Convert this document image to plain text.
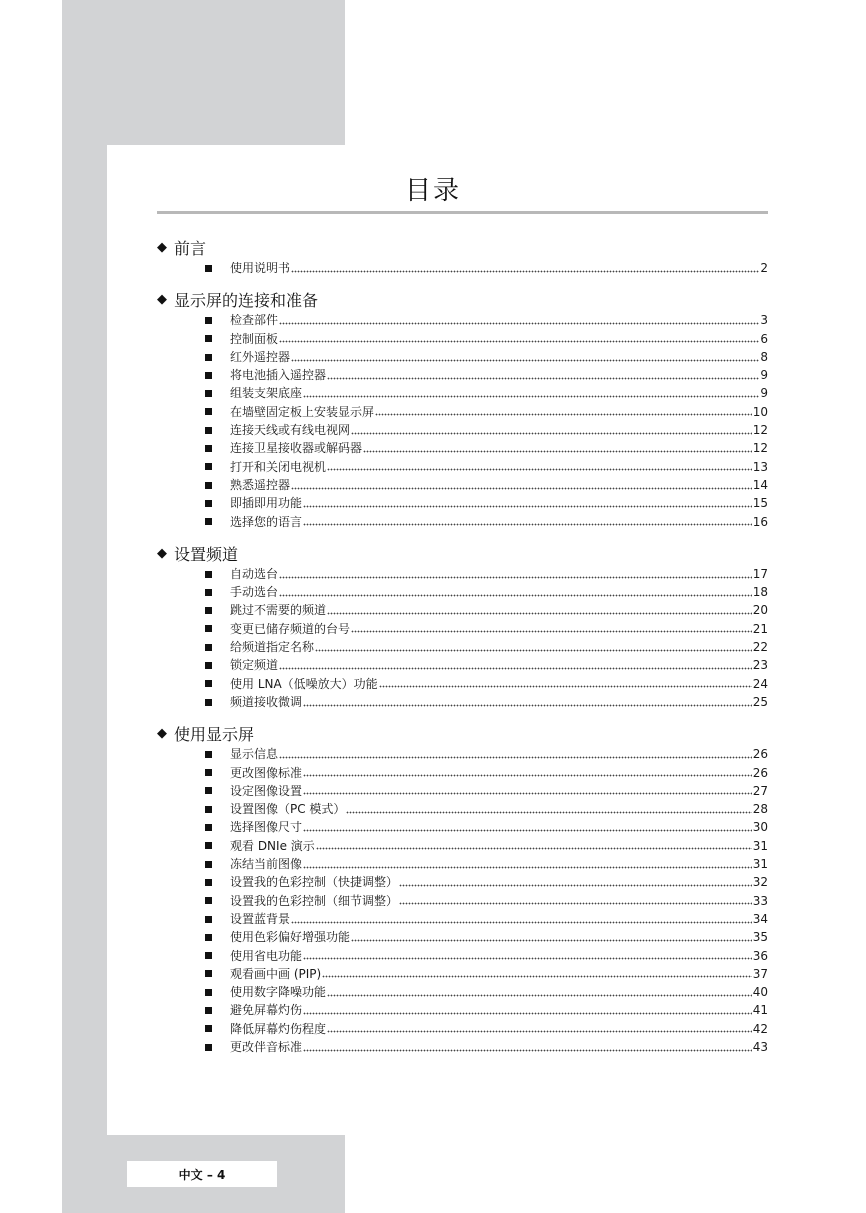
目录
◆ 前言
使用说明书	2
◆ 显示屏的连接和准备
检查部件	3
控制面板	6
红外遥控器	8
将电池插入遥控器	9
组装支架底座	9
在墙壁固定板上安装显示屏	10
连接天线或有线电视网	12
连接卫星接收器或解码器	12
打开和关闭电视机	13
熟悉遥控器	14
即插即用功能	15
选择您的语言	16
◆ 设置频道
自动选台	17
手动选台	18
跳过不需要的频道	20
变更已储存频道的台号	21
给频道指定名称	22
锁定频道	23
使用 LNA（低噪放大）功能	24
频道接收微调	25
◆ 使用显示屏
显示信息	26
更改图像标准	26
设定图像设置	27
设置图像（PC 模式）	28
选择图像尺寸	30
观看 DNIe 演示	31
冻结当前图像	31
设置我的色彩控制（快捷调整）	32
设置我的色彩控制（细节调整）	33
设置蓝背景	34
使用色彩偏好增强功能	35
使用省电功能	36
观看画中画 (PIP)	37
使用数字降噪功能	40
避免屏幕灼伤	41
降低屏幕灼伤程度	42
更改伴音标准	43
中文 – 4
